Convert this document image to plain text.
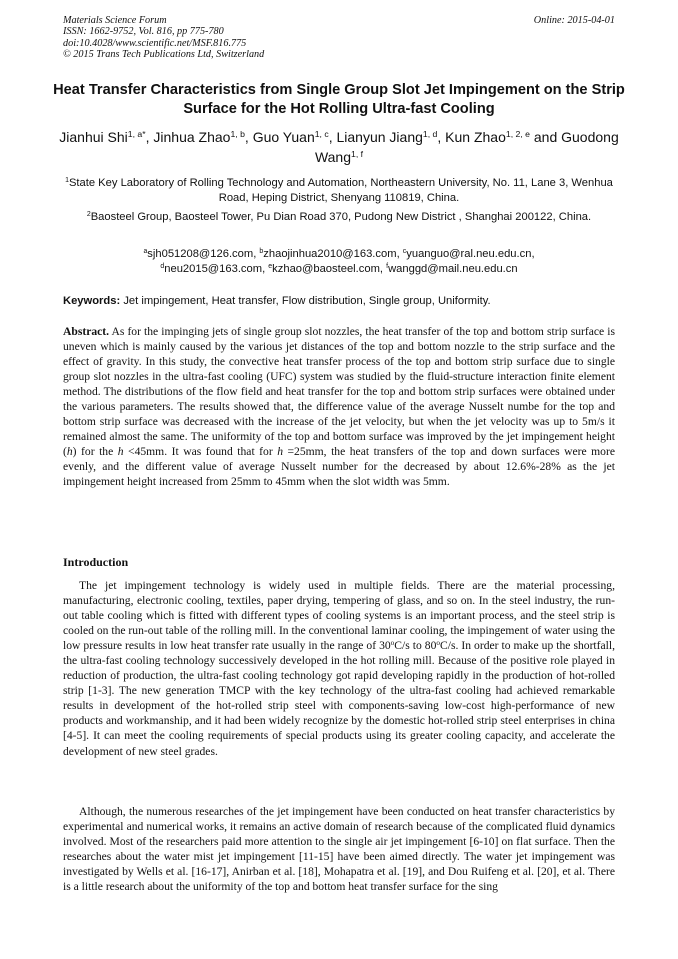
Materials Science Forum
ISSN: 1662-9752, Vol. 816, pp 775-780
doi:10.4028/www.scientific.net/MSF.816.775
© 2015 Trans Tech Publications Ltd, Switzerland
Online: 2015-04-01
Heat Transfer Characteristics from Single Group Slot Jet Impingement on the Strip Surface for the Hot Rolling Ultra-fast Cooling
Jianhui Shi$^{1, a*}$, Jinhua Zhao$^{1, b}$, Guo Yuan$^{1, c}$, Lianyun Jiang$^{1, d}$, Kun Zhao$^{1, 2, e}$ and Guodong Wang$^{1, f}$
$^1$State Key Laboratory of Rolling Technology and Automation, Northeastern University, No. 11, Lane 3, Wenhua Road, Heping District, Shenyang 110819, China.
$^2$Baosteel Group, Baosteel Tower, Pu Dian Road 370, Pudong New District , Shanghai 200122, China.
$^a$sjh051208@126.com, $^b$zhaojinhua2010@163.com, $^c$yuanguo@ral.neu.edu.cn,
$^d$neu2015@163.com, $^e$kzhao@baosteel.com, $^f$wanggd@mail.neu.edu.cn
Keywords: Jet impingement, Heat transfer, Flow distribution, Single group, Uniformity.
Abstract. As for the impinging jets of single group slot nozzles, the heat transfer of the top and bottom strip surface is uneven which is mainly caused by the various jet distances of the top and bottom nozzle to the strip surface and the effect of gravity. In this study, the convective heat transfer process of the top and bottom strip surface due to single group slot nozzles in the ultra-fast cooling (UFC) system was studied by the fluid-structure interaction finite element method. The distributions of the flow field and heat transfer for the top and bottom strip surfaces were obtained under the various parameters. The results showed that, the difference value of the average Nusselt numbe for the top and bottom strip surface was decreased with the increase of the jet velocity, but when the jet velocity was up to 5m/s it remained almost the same. The uniformity of the top and bottom surface was improved by the jet impingement height (h) for the h <45mm. It was found that for h =25mm, the heat transfers of the top and down surfaces were more evenly, and the different value of average Nusselt number for the decreased by about 12.6%-28% as the jet impingement height increased from 25mm to 45mm when the slot width was 5mm.
Introduction
The jet impingement technology is widely used in multiple fields. There are the material processing, manufacturing, electronic cooling, textiles, paper drying, tempering of glass, and so on. In the steel industry, the run-out table cooling which is fitted with different types of cooling systems is an important process, and the steel strip is cooled on the run-out table of the rolling mill. In the conventional laminar cooling, the impingement of water using the low pressure results in low heat transfer rate usually in the range of 30$^o$C/s to 80$^o$C/s. In order to make up the shortfall, the ultra-fast cooling technology successively developed in the hot rolling mill. Because of the positive role played in reduction of production, the ultra-fast cooling technology got rapid developing rapidly in the production of hot-rolled strip [1-3]. The new generation TMCP with the key technology of the ultra-fast cooling had achieved remarkable results in development of the hot-rolled strip steel with components-saving low-cost high-performance of new products and workmanship, and it had been widely recognize by the domestic hot-rolled strip steel enterprises in china [4-5]. It can meet the cooling requirements of special products using its greater cooling capacity, and accelerate the development of new steel grades.
Although, the numerous researches of the jet impingement have been conducted on heat transfer characteristics by experimental and numerical works, it remains an active domain of research because of the complicated fluid dynamics involved. Most of the researchers paid more attention to the single air jet impingement [6-10] on flat surface. Then the researches about the water mist jet impingement [11-15] have been aimed directly. The water jet impingement was investigated by Wells et al. [16-17], Anirban et al. [18], Mohapatra et al. [19], and Dou Ruifeng et al. [20], et al. There is a little research about the uniformity of the top and bottom heat transfer surface for the sing
